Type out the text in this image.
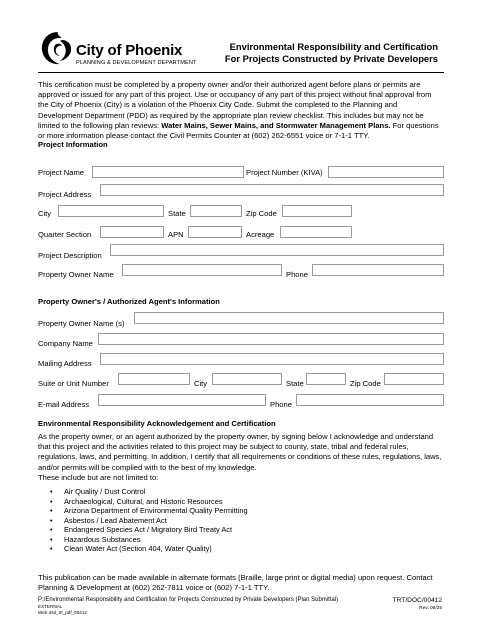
City of Phoenix
PLANNING & DEVELOPMENT DEPARTMENT
Environmental Responsibility and Certification
For Projects Constructed by Private Developers
This certification must be completed by a property owner and/or their authorized agent before plans or permits are approved or issued for any part of this project. Use or occupancy of any part of this project without final approval from the City of Phoenix (City) is a violation of the Phoenix City Code. Submit the completed to the Planning and Development Department (PDD) as required by the appropriate plan review checklist. This includes but may not be limited to the following plan reviews: Water Mains, Sewer Mains, and Stormwater Management Plans. For questions or more information please contact the Civil Permits Counter at (602) 262-6551 voice or 7-1-1 TTY.
Project Information
Project Name	Project Number (KIVA)
Project Address
City	State	Zip Code
Quarter Section	APN	Acreage
Project Description
Property Owner Name	Phone
Property Owner's / Authorized Agent's Information
Property Owner Name (s)
Company Name
Mailing Address
Suite or Unit Number	City	State	Zip Code
E-mail Address	Phone
Environmental Responsibility Acknowledgement and Certification
As the property owner, or an agent authorized by the property owner, by signing below I acknowledge and understand that this project and the activities related to this project may be subject to county, state, tribal and federal rules, regulations, laws, and permitting. In addition, I certify that all requirements or conditions of these rules, regulations, laws, and/or permits will be complied with to the best of my knowledge.
These include but are not limited to:
• Air Quality / Dust Control
• Archaeological, Cultural, and Historic Resources
• Arizona Department of Environmental Quality Permitting
• Asbestos / Lead Abatement Act
• Endangered Species Act / Migratory Bird Treaty Act
• Hazardous Substances
• Clean Water Act (Section 404, Water Quality)
This publication can be made available in alternate formats (Braille, large print or digital media) upon request. Contact Planning & Development at (602) 262-7811 voice or (602) 7-1-1 TTY.
P:/Environmental Responsibility and Certification for Projects Constructed by Private Developers (Plan Submittal)
EXTERNAL
Web dsd_trt_pdf_00412
TRT/DOC/00412
Rev. 06/25
